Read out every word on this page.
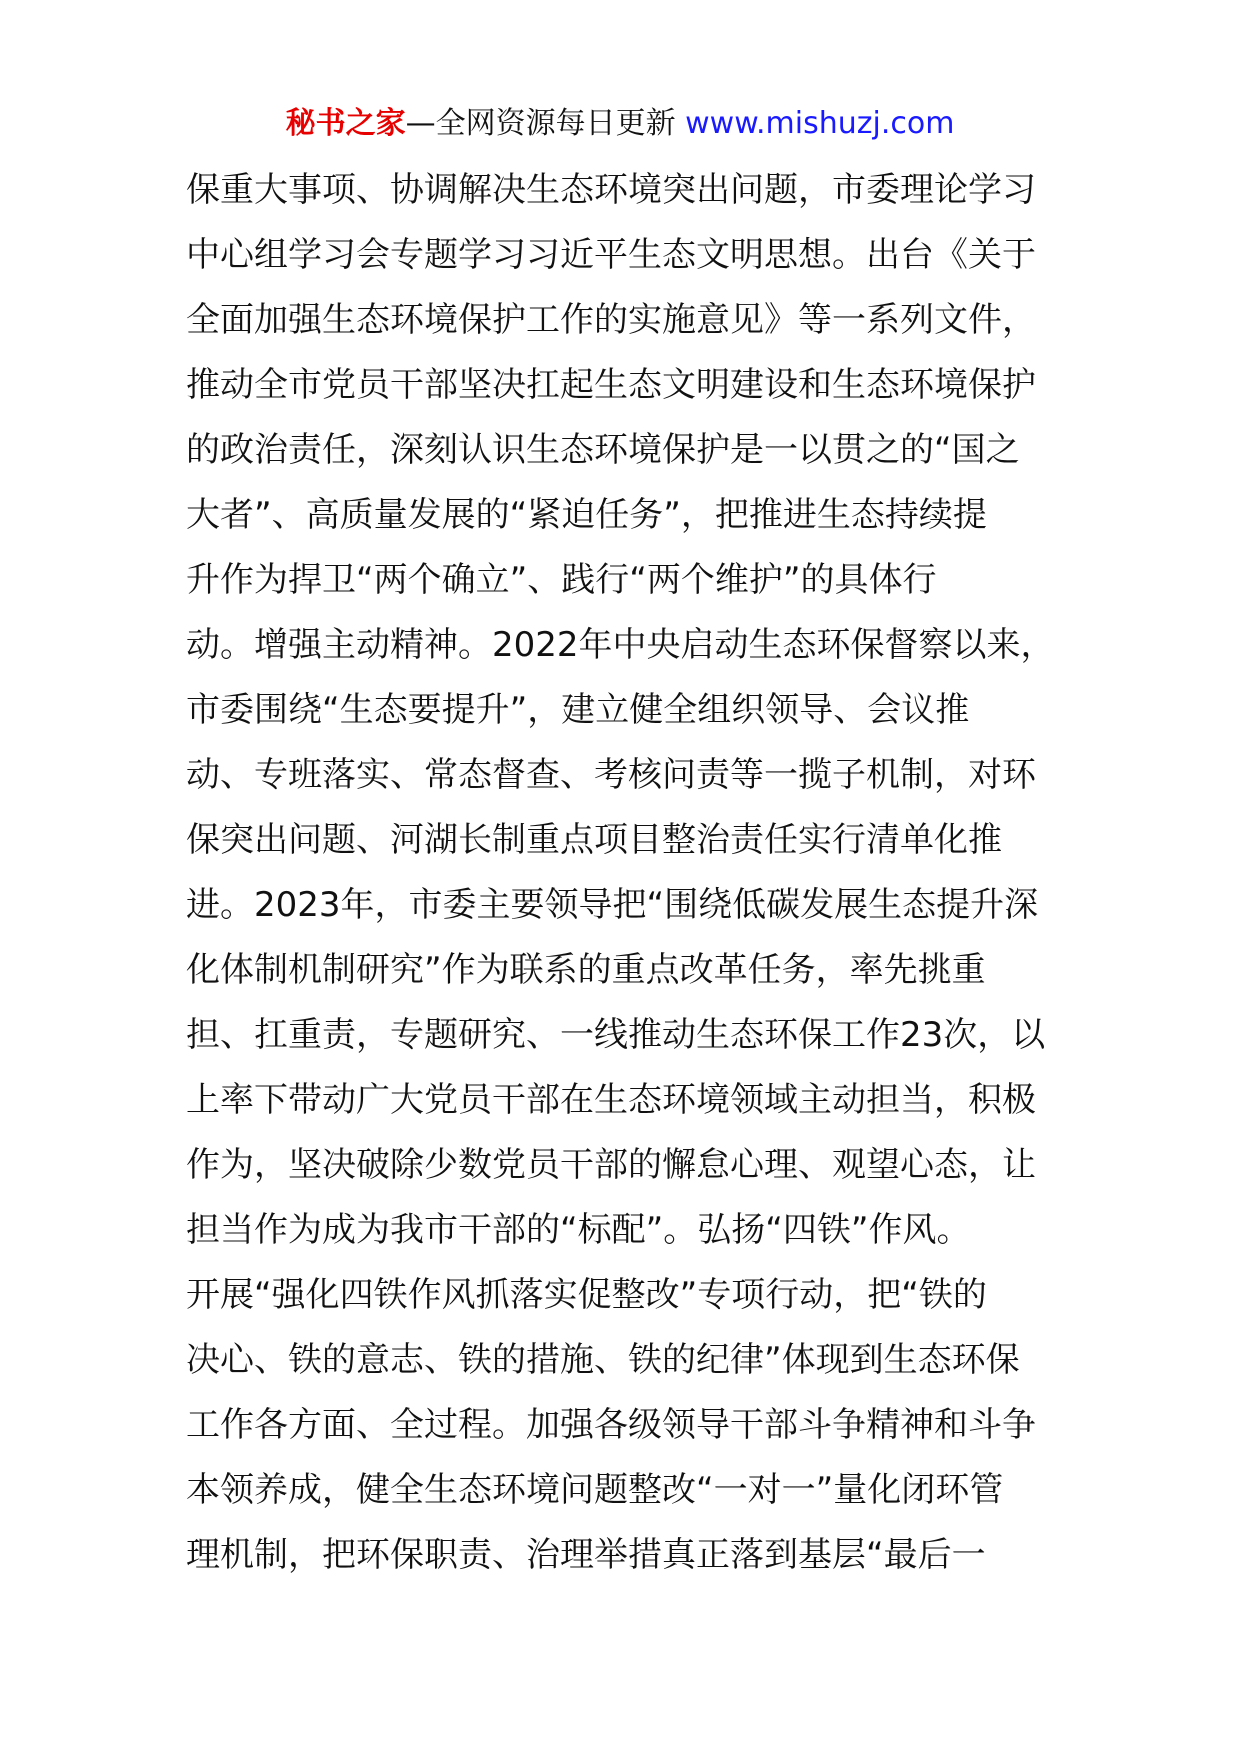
秘书之家—全网资源每日更新 www.mishuzj.com
保重大事项、协调解决生态环境突出问题，市委理论学习
中心组学习会专题学习习近平生态文明思想。出台《关于
全面加强生态环境保护工作的实施意见》等一系列文件，
推动全市党员干部坚决扛起生态文明建设和生态环境保护
的政治责任，深刻认识生态环境保护是一以贯之的“国之
大者”、高质量发展的“紧迫任务”，把推进生态持续提
升作为捍卫“两个确立”、践行“两个维护”的具体行
动。增强主动精神。2022年中央启动生态环保督察以来，
市委围绕“生态要提升”，建立健全组织领导、会议推
动、专班落实、常态督查、考核问责等一揽子机制，对环
保突出问题、河湖长制重点项目整治责任实行清单化推
进。2023年，市委主要领导把“围绕低碳发展生态提升深
化体制机制研究”作为联系的重点改革任务，率先挑重
担、扛重责，专题研究、一线推动生态环保工作23次，以
上率下带动广大党员干部在生态环境领域主动担当，积极
作为，坚决破除少数党员干部的懈怠心理、观望心态，让
担当作为成为我市干部的“标配”。弘扬“四铁”作风。
开展“强化四铁作风抓落实促整改”专项行动，把“铁的
决心、铁的意志、铁的措施、铁的纪律”体现到生态环保
工作各方面、全过程。加强各级领导干部斗争精神和斗争
本领养成，健全生态环境问题整改“一对一”量化闭环管
理机制，把环保职责、治理举措真正落到基层“最后一
